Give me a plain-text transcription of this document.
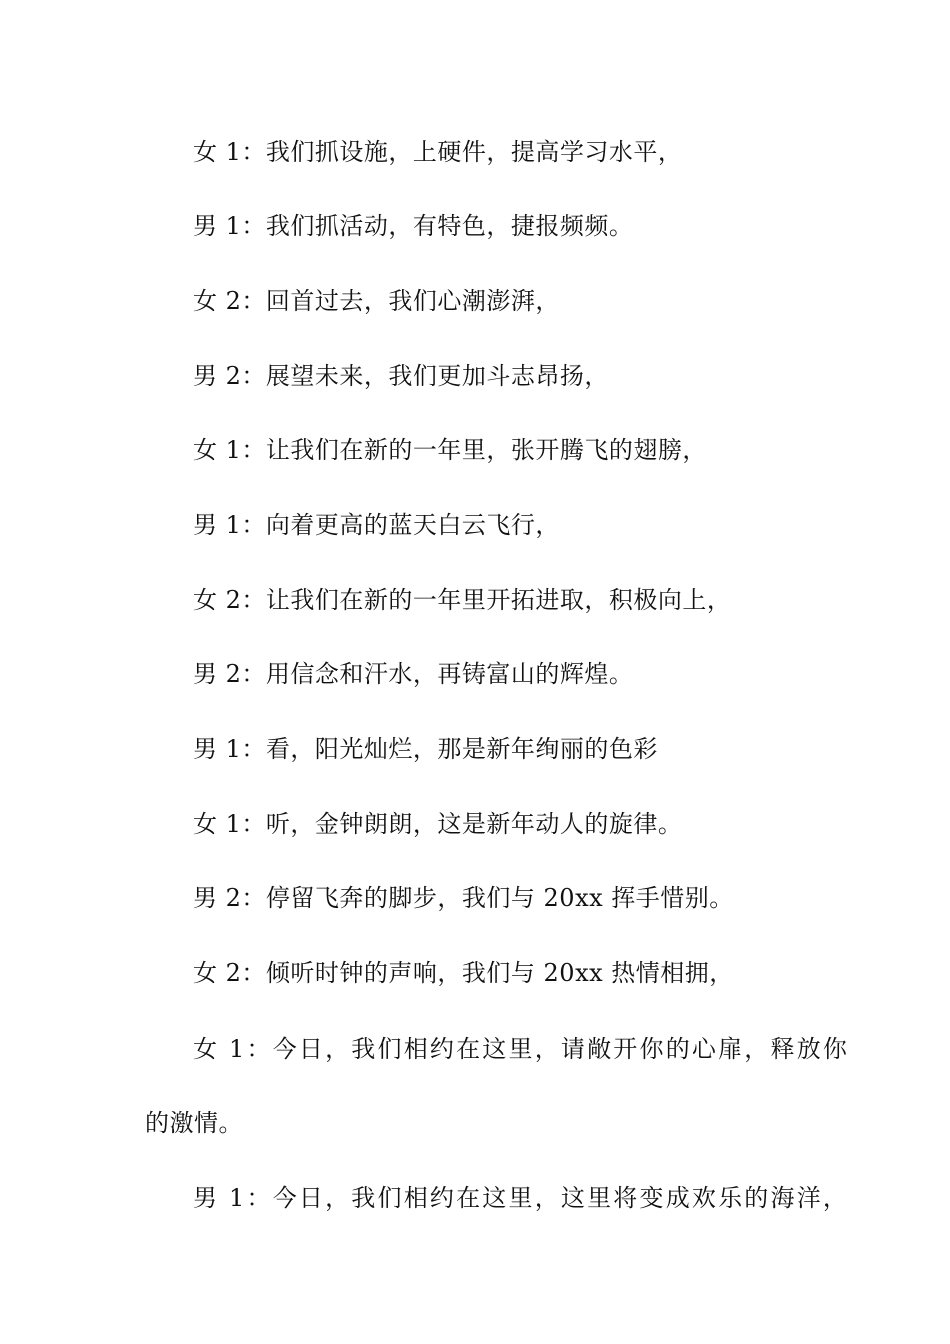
女 1：我们抓设施，上硬件，提高学习水平，
男 1：我们抓活动，有特色，捷报频频。
女 2：回首过去，我们心潮澎湃，
男 2：展望未来，我们更加斗志昂扬，
女 1：让我们在新的一年里，张开腾飞的翅膀，
男 1：向着更高的蓝天白云飞行，
女 2：让我们在新的一年里开拓进取，积极向上，
男 2：用信念和汗水，再铸富山的辉煌。
男 1：看，阳光灿烂，那是新年绚丽的色彩
女 1：听，金钟朗朗，这是新年动人的旋律。
男 2：停留飞奔的脚步，我们与 20xx 挥手惜别。
女 2：倾听时钟的声响，我们与 20xx 热情相拥，
女 1：今日，我们相约在这里，请敞开你的心扉，释放你
的激情。
男 1：今日，我们相约在这里，这里将变成欢乐的海洋，
